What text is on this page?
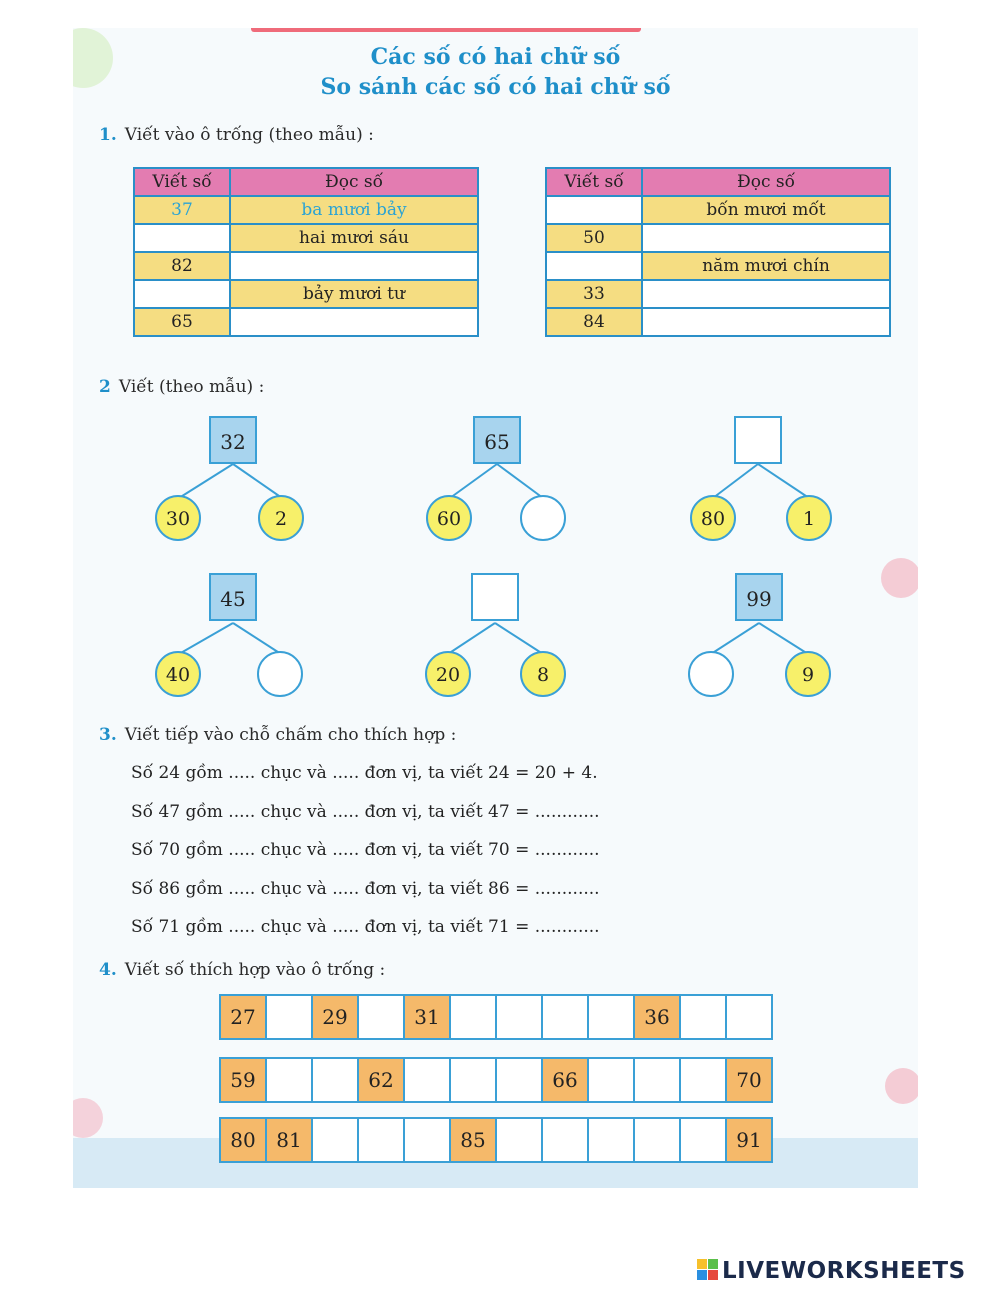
Các số có hai chữ số
So sánh các số có hai chữ số
1. Viết vào ô trống (theo mẫu) :
Viết số	Đọc số
37	ba mươi bảy
	hai mươi sáu
82	
	bảy mươi tư
65	
Viết số	Đọc số
	bốn mươi mốt
50	
	năm mươi chín
33	
84	
2 Viết (theo mẫu) :
32
30	2
65
60	80	1
45
40	20	8
99
9
3. Viết tiếp vào chỗ chấm cho thích hợp :
Số 24 gồm ..... chục và ..... đơn vị, ta viết 24 = 20 + 4.
Số 47 gồm ..... chục và ..... đơn vị, ta viết 47 = ............
Số 70 gồm ..... chục và ..... đơn vị, ta viết 70 = ............
Số 86 gồm ..... chục và ..... đơn vị, ta viết 86 = ............
Số 71 gồm ..... chục và ..... đơn vị, ta viết 71 = ............
4. Viết số thích hợp vào ô trống :
27	29	31	36
59	62	66	70
80	81	85	91
LIVEWORKSHEETS
